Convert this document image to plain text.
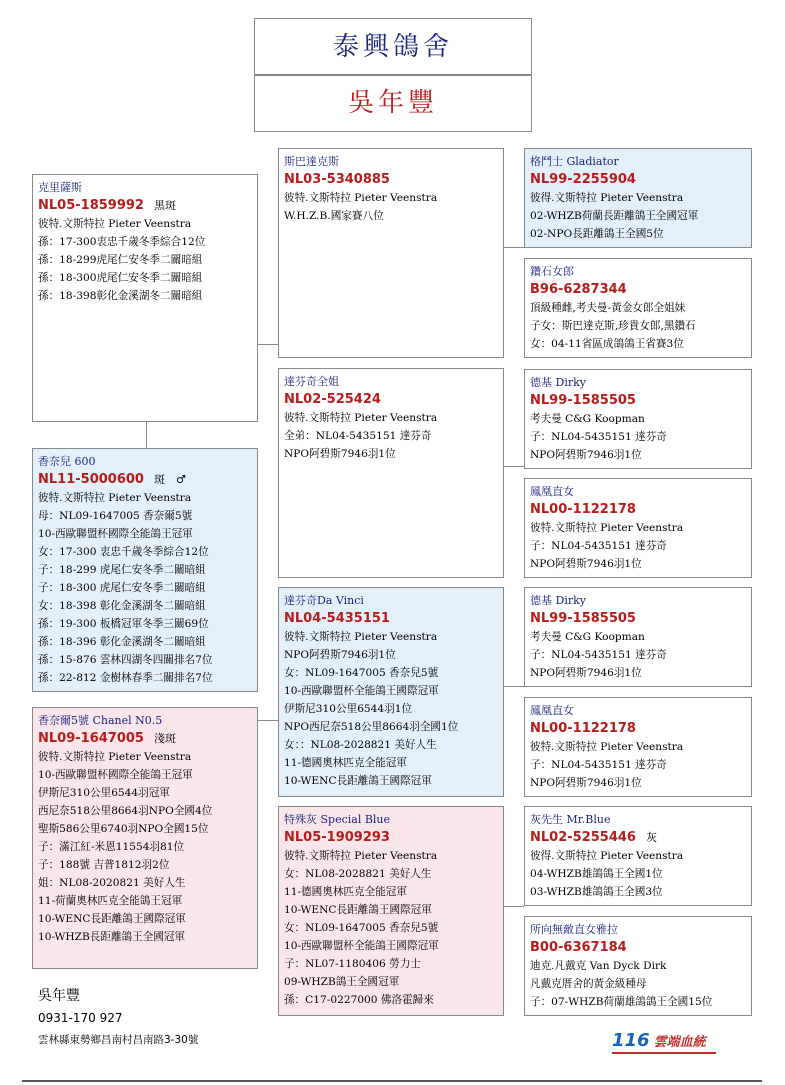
泰興鴿舍
吳年豐
克里薩斯
NL05-1859992 黑斑
彼特.文斯特拉 Pieter Veenstra
孫：17-300衷忠千歲冬季綜合12位
孫：18-299虎尾仁安冬季二關暗組
孫：18-300虎尾仁安冬季二關暗組
孫：18-398彰化金溪湖冬二關暗組
香奈兒 600
NL11-5000600 斑　♂
彼特.文斯特拉 Pieter Veenstra
母：NL09-1647005 香奈爾5號
10-西歐聯盟杯國際全能鴿王冠軍
女：17-300 衷忠千歲冬季綜合12位
子：18-299 虎尾仁安冬季二關暗組
子：18-300 虎尾仁安冬季二關暗組
女：18-398 彰化金溪湖冬二關暗組
孫：19-300 板橋冠軍冬季三關69位
孫：18-396 彰化金溪湖冬二關暗組
孫：15-876 雲林四湖冬四關排名7位
孫：22-812 金樹林春季二關排名7位
香奈爾5號 Chanel N0.5
NL09-1647005 淺斑
彼特.文斯特拉 Pieter Veenstra
10-西歐聯盟杯國際全能鴿王冠軍
伊斯尼310公里6544羽冠軍
西尼奈518公里8664羽NPO全國4位
聖斯586公里6740羽NPO全國15位
子：滿江紅-米恩11554羽81位
子：188號 吉普1812羽2位
姐：NL08-2020821 美好人生
11-荷蘭奧林匹克全能鴿王冠軍
10-WENC長距離鴿王國際冠軍
10-WHZB長距離鴿王全國冠軍
斯巴達克斯
NL03-5340885
彼特.文斯特拉 Pieter Veenstra
W.H.Z.B.國家賽八位
達芬奇全姐
NL02-525424
彼特.文斯特拉 Pieter Veenstra
全弟：NL04-5435151 達芬奇
NPO阿碧斯7946羽1位
達芬奇Da Vinci
NL04-5435151
彼特.文斯特拉 Pieter Veenstra
NPO阿碧斯7946羽1位
女：NL09-1647005 香奈兒5號
10-西歐聯盟杯全能鴿王國際冠軍
伊斯尼310公里6544羽1位
NPO西尼奈518公里8664羽全國1位
女：：NL08-2028821 美好人生
11-德國奧林匹克全能冠軍
10-WENC長距離鴿王國際冠軍
特殊灰 Special Blue
NL05-1909293
彼特.文斯特拉 Pieter Veenstra
女：NL08-2028821 美好人生
11-德國奧林匹克全能冠軍
10-WENC長距離鴿王國際冠軍
女：NL09-1647005 香奈兒5號
10-西歐聯盟杯全能鴿王國際冠軍
子：NL07-1180406 勞力士
09-WHZB鴿王全國冠軍
孫：C17-0227000 佛洛霍歸來
格鬥士 Gladiator
NL99-2255904
彼得.文斯特拉 Pieter Veenstra
02-WHZB荷蘭長距離鴿王全國冠軍
02-NPO長距離鴿王全國5位
鑽石女郎
B96-6287344
頂級種雌,考夫曼-黃金女郎全姐妹
子女：斯巴達克斯,珍貴女郎,黑鑽石
女：04-11省區成鴿鴿王省賽3位
德基 Dirky
NL99-1585505
考夫曼 C&G Koopman
子：NL04-5435151 達芬奇
NPO阿碧斯7946羽1位
鳳凰直女
NL00-1122178
彼特.文斯特拉 Pieter Veenstra
子：NL04-5435151 達芬奇
NPO阿碧斯7946羽1位
德基 Dirky
NL99-1585505
考夫曼 C&G Koopman
子：NL04-5435151 達芬奇
NPO阿碧斯7946羽1位
鳳凰直女
NL00-1122178
彼特.文斯特拉 Pieter Veenstra
子：NL04-5435151 達芬奇
NPO阿碧斯7946羽1位
灰先生 Mr.Blue
NL02-5255446 灰
彼得.文斯特拉 Pieter Veenstra
04-WHZB雄鴿鴿王全國1位
03-WHZB雄鴿鴿王全國3位
所向無敵直女雅拉
B00-6367184
迪克.凡戴克 Van Dyck Dirk
凡戴克厝舍的黃金級種母
子：07-WHZB荷蘭雄鴿鴿王全國15位
吳年豐
0931-170 927
雲林縣東勢鄉昌南村昌南路3-30號	116 雲端血統
